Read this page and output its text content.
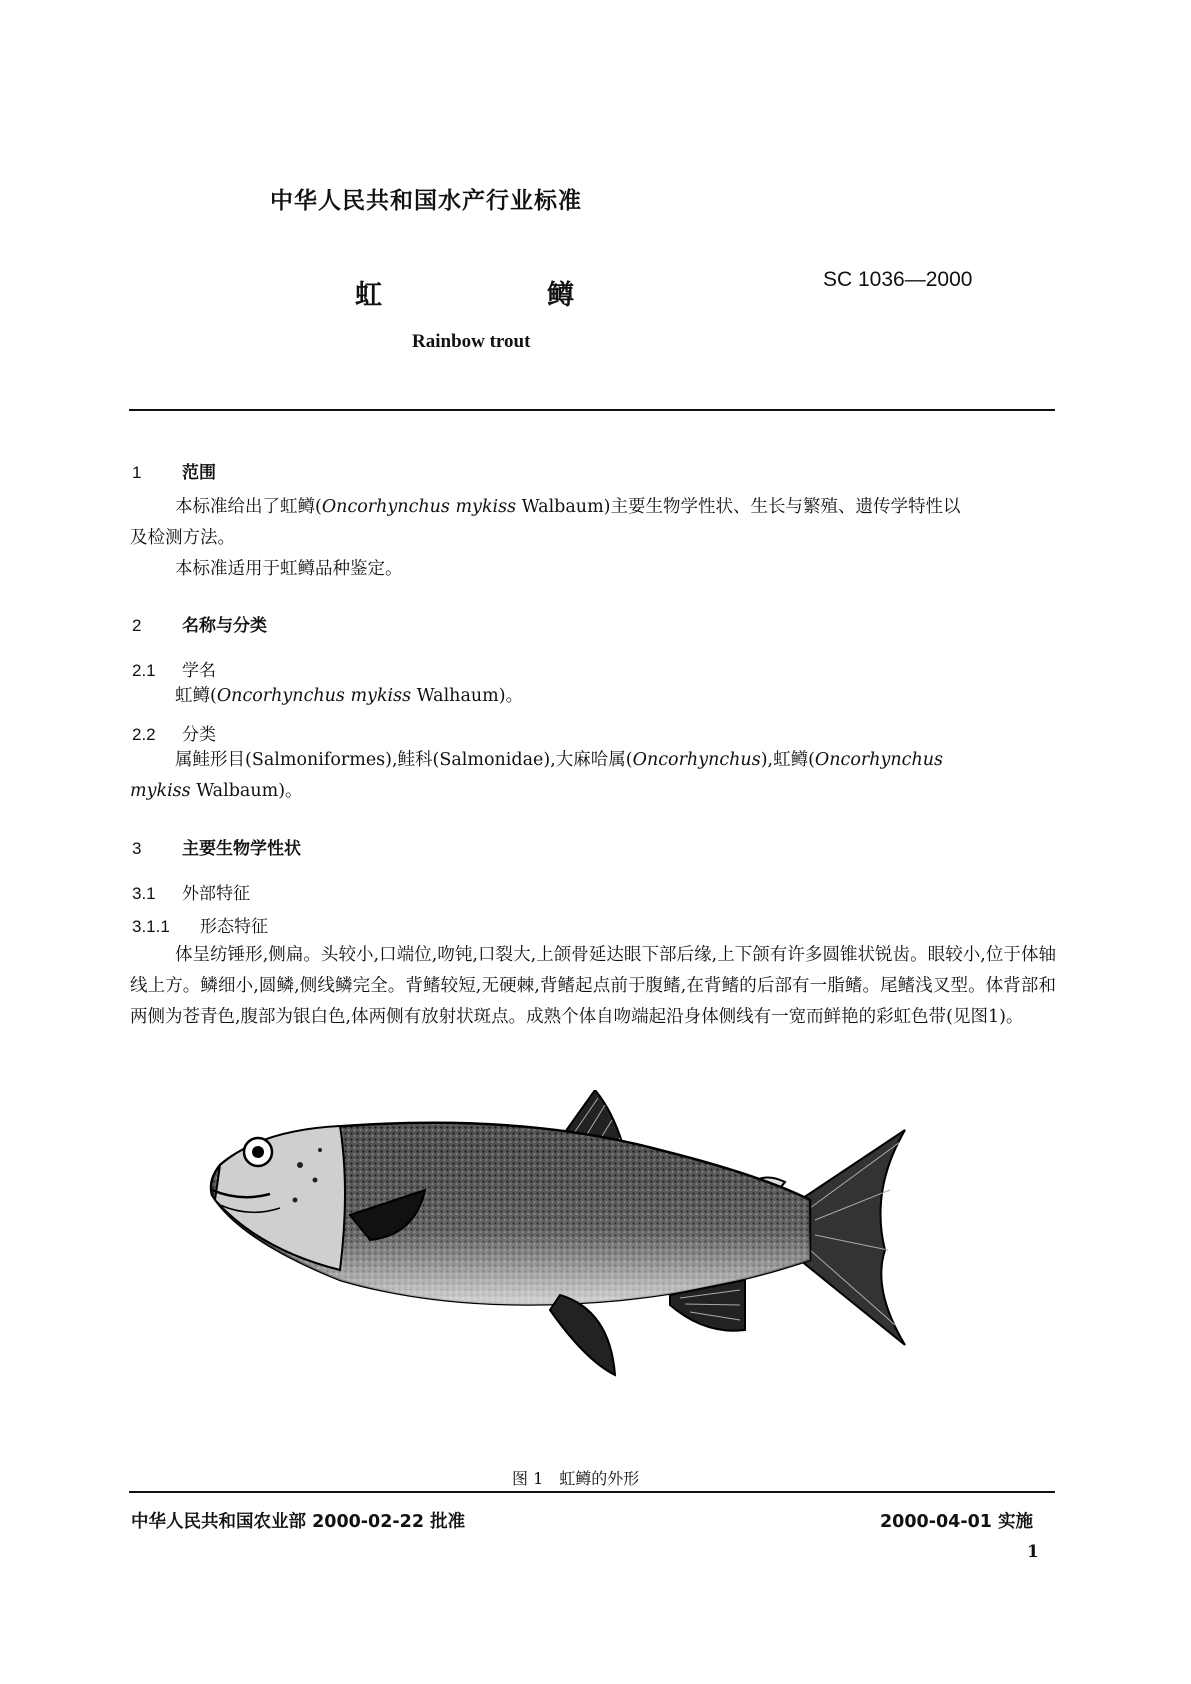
中华人民共和国水产行业标准
虹	鳟
SC 1036—2000
Rainbow trout
1 范围
本标准给出了虹鳟(Oncorhynchus mykiss Walbaum)主要生物学性状、生长与繁殖、遗传学特性以
及检测方法。
本标准适用于虹鳟品种鉴定。
2 名称与分类
2.1 学名
虹鳟(Oncorhynchus mykiss Walhaum)。
2.2 分类
属鲑形目(Salmoniformes),鲑科(Salmonidae),大麻哈属(Oncorhynchus),虹鳟(Oncorhynchus
mykiss Walbaum)。
3 主要生物学性状
3.1 外部特征
3.1.1 形态特征
体呈纺锤形,侧扁。头较小,口端位,吻钝,口裂大,上颌骨延达眼下部后缘,上下颌有许多圆锥状锐齿。眼较小,位于体轴线上方。鳞细小,圆鳞,侧线鳞完全。背鳍较短,无硬棘,背鳍起点前于腹鳍,在背鳍的后部有一脂鳍。尾鳍浅叉型。体背部和两侧为苍青色,腹部为银白色,体两侧有放射状斑点。成熟个体自吻端起沿身体侧线有一宽而鲜艳的彩虹色带(见图1)。
图 1　虹鳟的外形
中华人民共和国农业部 2000-02-22 批准	2000-04-01 实施
1
